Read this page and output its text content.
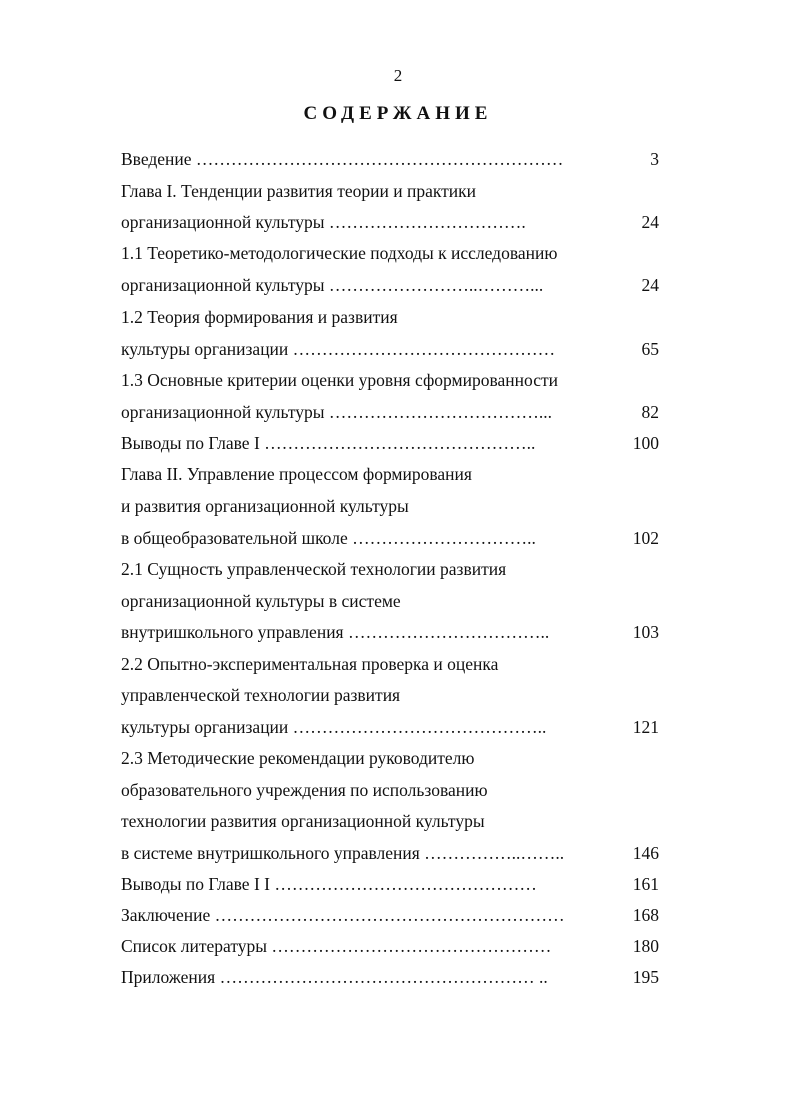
2
СОДЕРЖАНИЕ
Введение ………………………………………………………
Глава I. Тенденции развития теории и практики
организационной культуры …………………………….
1.1 Теоретико-методологические подходы к исследованию
организационной культуры ……………………..………...
1.2 Теория формирования и развития
культуры организации ………………………………………
1.3 Основные критерии оценки уровня сформированности
организационной культуры ………………………………...
Выводы по Главе I ………………………………………..
Глава II. Управление процессом формирования
и развития организационной культуры
в общеобразовательной школе …………………………..
2.1 Сущность управленческой технологии развития
организационной культуры в системе
внутришкольного управления ……………………………..
2.2 Опытно-экспериментальная проверка и оценка
управленческой технологии развития
культуры организации ……………………………………..
2.3 Методические рекомендации руководителю
образовательного учреждения по использованию
технологии развития организационной культуры
в системе внутришкольного управления ……………..……..
Выводы по Главе I I ………………………………………
Заключение ……………………………………………………
Список литературы …………………………………………
Приложения ……………………………………………… ..
3
24
24
65
82
100
102
103
121
146
161
168
180
195
